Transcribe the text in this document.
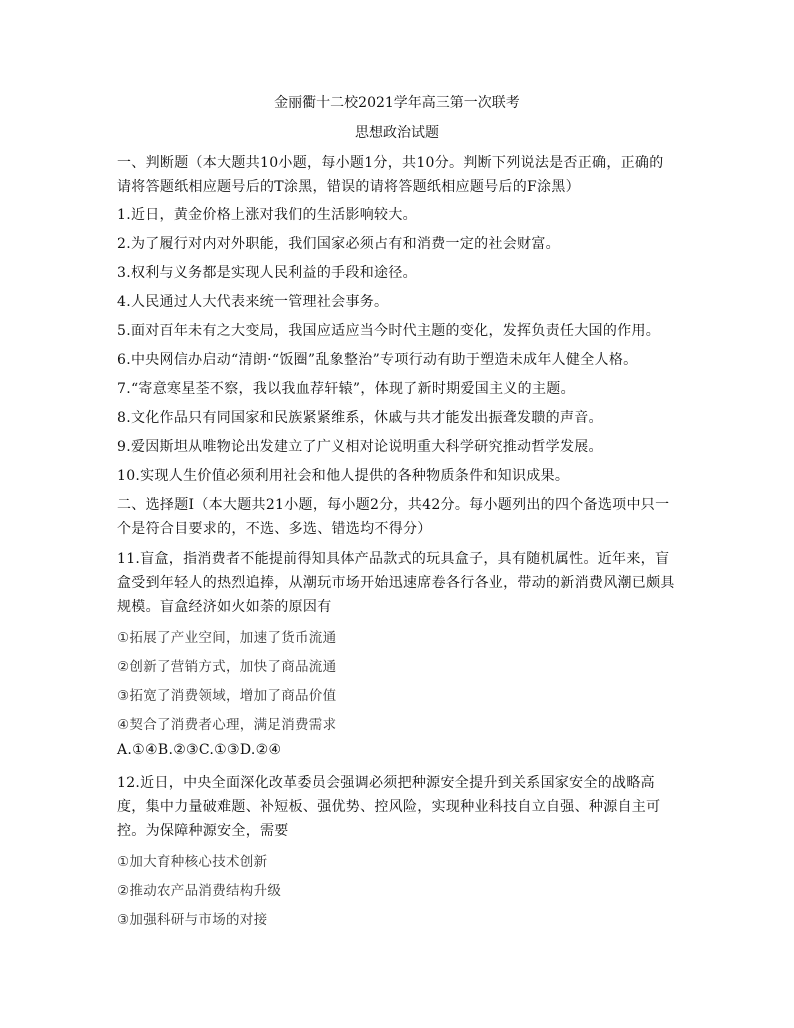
金丽衢十二校2021学年高三第一次联考
思想政治试题
一、判断题（本大题共10小题，每小题1分，共10分。判断下列说法是否正确，正确的
请将答题纸相应题号后的T涂黑，错误的请将答题纸相应题号后的F涂黑）
1.近日，黄金价格上涨对我们的生活影响较大。
2.为了履行对内对外职能，我们国家必须占有和消费一定的社会财富。
3.权利与义务都是实现人民利益的手段和途径。
4.人民通过人大代表来统一管理社会事务。
5.面对百年未有之大变局，我国应适应当今时代主题的变化，发挥负责任大国的作用。
6.中央网信办启动“清朗·“饭圈”乱象整治”专项行动有助于塑造未成年人健全人格。
7.“寄意寒星荃不察，我以我血荐轩辕”，体现了新时期爱国主义的主题。
8.文化作品只有同国家和民族紧紧维系，休戚与共才能发出振聋发聩的声音。
9.爱因斯坦从唯物论出发建立了广义相对论说明重大科学研究推动哲学发展。
10.实现人生价值必须利用社会和他人提供的各种物质条件和知识成果。
二、选择题I（本大题共21小题，每小题2分，共42分。每小题列出的四个备选项中只一
个是符合目要求的，不选、多选、错选均不得分）
11.盲盒，指消费者不能提前得知具体产品款式的玩具盒子，具有随机属性。近年来，盲
盒受到年轻人的热烈追捧，从潮玩市场开始迅速席卷各行各业，带动的新消费风潮已颇具
规模。盲盒经济如火如荼的原因有
①拓展了产业空间，加速了货币流通
②创新了营销方式，加快了商品流通
③拓宽了消费领域，增加了商品价值
④契合了消费者心理，满足消费需求
A.①④B.②③C.①③D.②④
12.近日，中央全面深化改革委员会强调必须把种源安全提升到关系国家安全的战略高
度，集中力量破难题、补短板、强优势、控风险，实现种业科技自立自强、种源自主可
控。为保障种源安全，需要
①加大育种核心技术创新
②推动农产品消费结构升级
③加强科研与市场的对接
